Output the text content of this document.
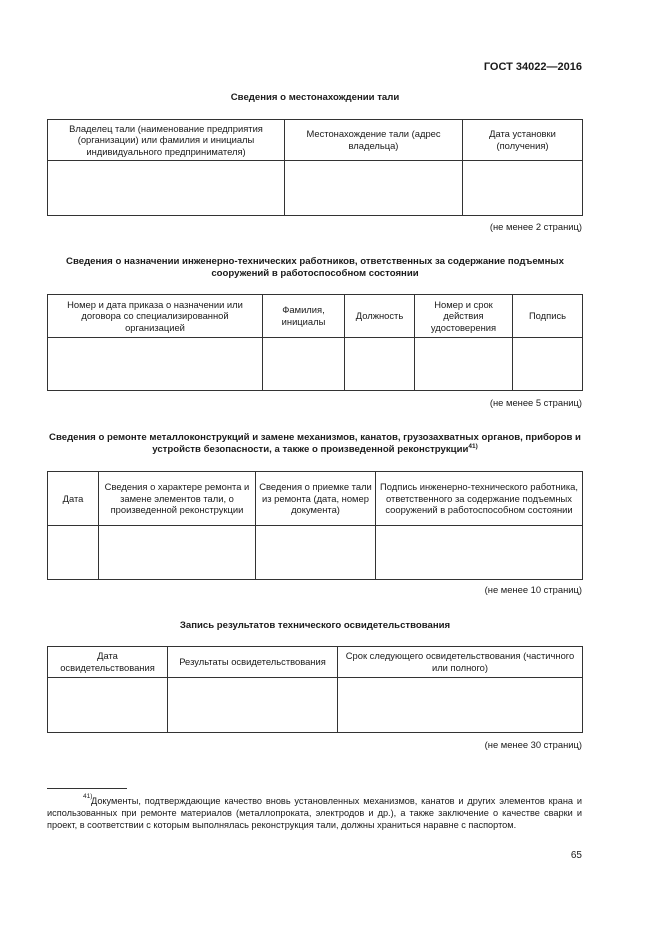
ГОСТ 34022—2016
Сведения о местонахождении тали
Владелец тали (наименование предприятия (организации) или фамилия и инициалы индивидуального предпринимателя)	Местонахождение тали (адрес владельца)	Дата установки (получения)

(не менее 2 страниц)
Сведения о назначении инженерно-технических работников, ответственных за содержание подъемных сооружений в работоспособном состоянии
Номер и дата приказа о назначении или договора со специализированной организацией	Фамилия, инициалы	Должность	Номер и срок действия удостоверения	Подпись

(не менее 5 страниц)
Сведения о ремонте металлоконструкций и замене механизмов, канатов, грузозахватных органов, приборов и устройств безопасности, а также о произведенной реконструкции$^{41)}$
Дата	Сведения о характере ремонта и замене элементов тали, о произведенной реконструкции	Сведения о приемке тали из ремонта (дата, номер документа)	Подпись инженерно-технического работника, ответственного за содержание подъемных сооружений в работоспособном состоянии

(не менее 10 страниц)
Запись результатов технического освидетельствования
Дата освидетельствования	Результаты освидетельствования	Срок следующего освидетельствования (частичного или полного)

(не менее 30 страниц)
41)
Документы, подтверждающие качество вновь установленных механизмов, канатов и других элементов крана и использованных при ремонте материалов (металлопроката, электродов и др.), а также заключение о качестве сварки и проект, в соответствии с которым выполнялась реконструкция тали, должны храниться наравне с паспортом.
65
